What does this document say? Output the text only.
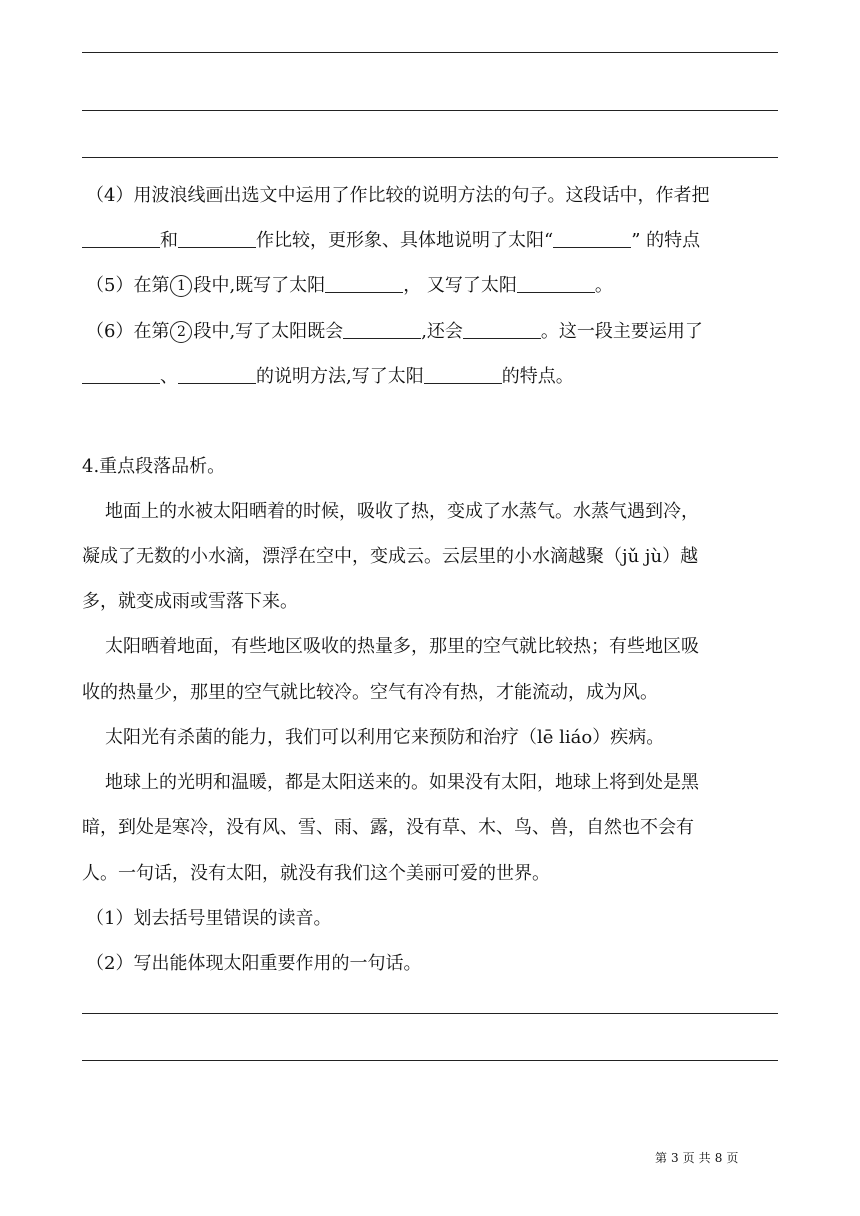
（4）用波浪线画出选文中运用了作比较的说明方法的句子。这段话中，作者把
和	作比较，更形象、具体地说明了太阳“	” 的特点
（5）在第 1 段中,既写了太阳	， 又写了太阳	。
（6）在第 2 段中,写了太阳既会	,还会	。这一段主要运用了
、	的说明方法,写了太阳	的特点。
4.重点段落品析。
地面上的水被太阳晒着的时候，吸收了热，变成了水蒸气。水蒸气遇到冷，
凝成了无数的小水滴，漂浮在空中，变成云。云层里的小水滴越聚（jǔ jù）越
多，就变成雨或雪落下来。
太阳晒着地面，有些地区吸收的热量多，那里的空气就比较热；有些地区吸
收的热量少，那里的空气就比较冷。空气有冷有热，才能流动，成为风。
太阳光有杀菌的能力，我们可以利用它来预防和治疗（lē liáo）疾病。
地球上的光明和温暖，都是太阳送来的。如果没有太阳，地球上将到处是黑
暗，到处是寒冷，没有风、雪、雨、露，没有草、木、鸟、兽，自然也不会有
人。一句话，没有太阳，就没有我们这个美丽可爱的世界。
（1）划去括号里错误的读音。
（2）写出能体现太阳重要作用的一句话。
第 3 页 共 8 页
